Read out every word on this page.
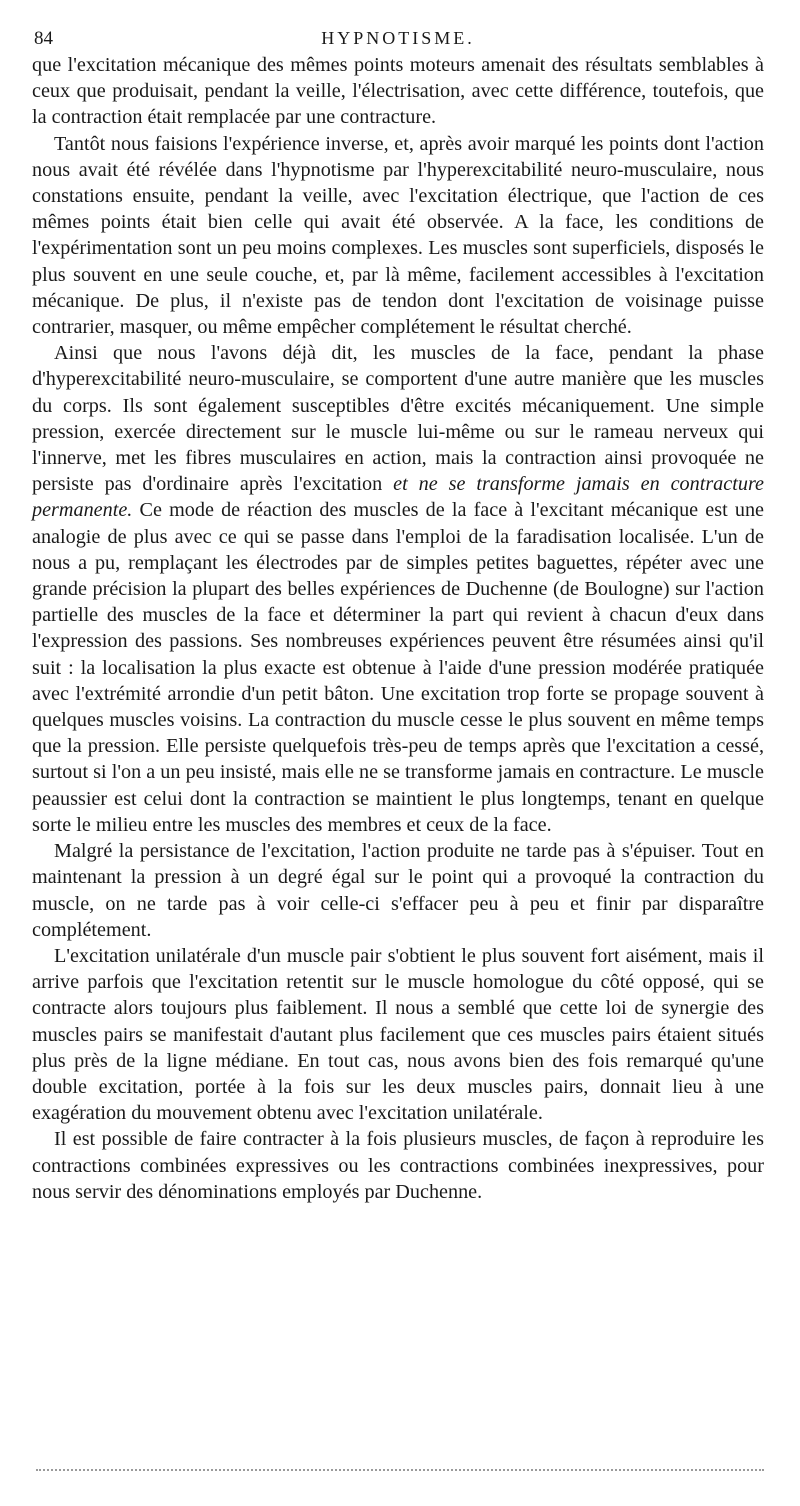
84	HYPNOTISME.

que l'excitation mécanique des mêmes points moteurs amenait des résultats semblables à ceux que produisait, pendant la veille, l'électrisation, avec cette différence, toutefois, que la contraction était remplacée par une contracture.

Tantôt nous faisions l'expérience inverse, et, après avoir marqué les points dont l'action nous avait été révélée dans l'hypnotisme par l'hyperexcitabilité neuro-musculaire, nous constations ensuite, pendant la veille, avec l'excitation électrique, que l'action de ces mêmes points était bien celle qui avait été observée. A la face, les conditions de l'expérimentation sont un peu moins complexes. Les muscles sont superficiels, disposés le plus souvent en une seule couche, et, par là même, facilement accessibles à l'excitation mécanique. De plus, il n'existe pas de tendon dont l'excitation de voisinage puisse contrarier, masquer, ou même empêcher complétement le résultat cherché.

Ainsi que nous l'avons déjà dit, les muscles de la face, pendant la phase d'hyperexcitabilité neuro-musculaire, se comportent d'une autre manière que les muscles du corps. Ils sont également susceptibles d'être excités mécaniquement. Une simple pression, exercée directement sur le muscle lui-même ou sur le rameau nerveux qui l'innerve, met les fibres musculaires en action, mais la contraction ainsi provoquée ne persiste pas d'ordinaire après l'excitation et ne se transforme jamais en contracture permanente. Ce mode de réaction des muscles de la face à l'excitant mécanique est une analogie de plus avec ce qui se passe dans l'emploi de la faradisation localisée. L'un de nous a pu, remplaçant les électrodes par de simples petites baguettes, répéter avec une grande précision la plupart des belles expériences de Duchenne (de Boulogne) sur l'action partielle des muscles de la face et déterminer la part qui revient à chacun d'eux dans l'expression des passions. Ses nombreuses expériences peuvent être résumées ainsi qu'il suit : la localisation la plus exacte est obtenue à l'aide d'une pression modérée pratiquée avec l'extrémité arrondie d'un petit bâton. Une excitation trop forte se propage souvent à quelques muscles voisins. La contraction du muscle cesse le plus souvent en même temps que la pression. Elle persiste quelquefois très-peu de temps après que l'excitation a cessé, surtout si l'on a un peu insisté, mais elle ne se transforme jamais en contracture. Le muscle peaussier est celui dont la contraction se maintient le plus longtemps, tenant en quelque sorte le milieu entre les muscles des membres et ceux de la face.

Malgré la persistance de l'excitation, l'action produite ne tarde pas à s'épuiser. Tout en maintenant la pression à un degré égal sur le point qui a provoqué la contraction du muscle, on ne tarde pas à voir celle-ci s'effacer peu à peu et finir par disparaître complétement.

L'excitation unilatérale d'un muscle pair s'obtient le plus souvent fort aisément, mais il arrive parfois que l'excitation retentit sur le muscle homologue du côté opposé, qui se contracte alors toujours plus faiblement. Il nous a semblé que cette loi de synergie des muscles pairs se manifestait d'autant plus facilement que ces muscles pairs étaient situés plus près de la ligne médiane. En tout cas, nous avons bien des fois remarqué qu'une double excitation, portée à la fois sur les deux muscles pairs, donnait lieu à une exagération du mouvement obtenu avec l'excitation unilatérale.

Il est possible de faire contracter à la fois plusieurs muscles, de façon à reproduire les contractions combinées expressives ou les contractions combinées inexpressives, pour nous servir des dénominations employés par Duchenne.
